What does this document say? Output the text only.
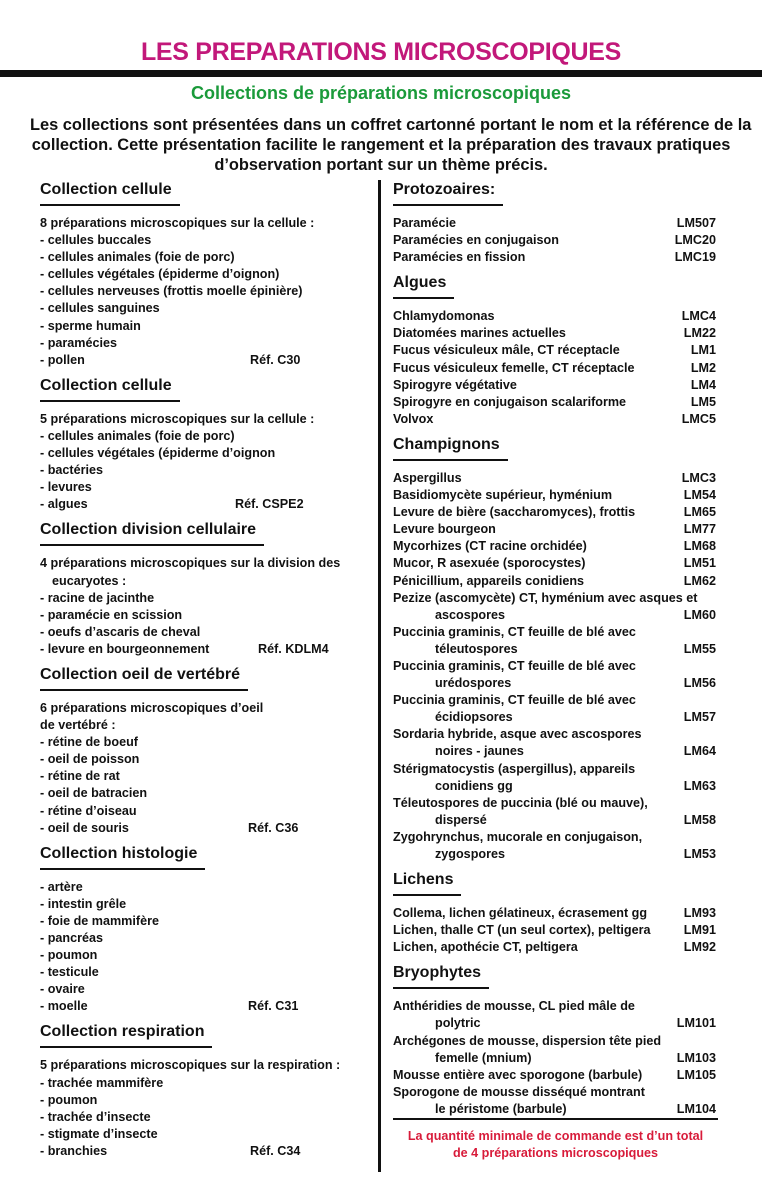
LES PREPARATIONS MICROSCOPIQUES
Collections de préparations microscopiques
Les collections sont présentées dans un coffret cartonné portant le nom et la référence de la
collection. Cette présentation facilite le rangement et la préparation des travaux pratiques
d’observation portant sur un thème précis.
Collection cellule
8 préparations microscopiques sur la cellule :
- cellules buccales
- cellules animales (foie de porc)
- cellules végétales (épiderme d’oignon)
- cellules nerveuses (frottis moelle épinière)
- cellules sanguines
- sperme humain
- paramécies
- pollen	Réf. C30
Collection cellule
5 préparations microscopiques sur la cellule :
- cellules animales (foie de porc)
- cellules végétales (épiderme d’oignon
- bactéries
- levures
- algues	Réf. CSPE2
Collection division cellulaire
4 préparations microscopiques sur la division des
eucaryotes :
- racine de jacinthe
- paramécie en scission
- oeufs d’ascaris de cheval
- levure en bourgeonnement	Réf. KDLM4
Collection oeil de vertébré
6 préparations microscopiques d’oeil
de vertébré :
- rétine de boeuf
- oeil de poisson
- rétine de rat
- oeil de batracien
- rétine d’oiseau
- oeil de souris	Réf. C36
Collection histologie
- artère
- intestin grêle
- foie de mammifère
- pancréas
- poumon
- testicule
- ovaire
- moelle	Réf. C31
Collection respiration
5 préparations microscopiques sur la respiration :
- trachée mammifère
- poumon
- trachée d’insecte
- stigmate d’insecte
- branchies	Réf. C34
Protozoaires:
Paramécie	LM507
Paramécies en conjugaison	LMC20
Paramécies en fission	LMC19
Algues
Chlamydomonas	LMC4
Diatomées marines actuelles	LM22
Fucus vésiculeux mâle, CT réceptacle	LM1
Fucus vésiculeux femelle, CT réceptacle	LM2
Spirogyre végétative	LM4
Spirogyre en conjugaison scalariforme	LM5
Volvox	LMC5
Champignons
Aspergillus	LMC3
Basidiomycète supérieur, hyménium	LM54
Levure de bière (saccharomyces), frottis	LM65
Levure bourgeon	LM77
Mycorhizes (CT racine orchidée)	LM68
Mucor, R asexuée (sporocystes)	LM51
Pénicillium, appareils conidiens	LM62
Pezize (ascomycète) CT, hyménium avec asques et
ascospores	LM60
Puccinia graminis, CT feuille de blé avec
téleutospores	LM55
Puccinia graminis, CT feuille de blé avec
urédospores	LM56
Puccinia graminis, CT feuille de blé avec
écidiopsores	LM57
Sordaria hybride, asque avec ascospores
noires - jaunes	LM64
Stérigmatocystis (aspergillus), appareils
conidiens gg	LM63
Téleutospores de puccinia (blé ou mauve),
dispersé	LM58
Zygohrynchus, mucorale en conjugaison,
zygospores	LM53
Lichens
Collema, lichen gélatineux, écrasement gg	LM93
Lichen, thalle CT (un seul cortex), peltigera	LM91
Lichen, apothécie CT, peltigera	LM92
Bryophytes
Anthéridies de mousse, CL pied mâle de
polytric	LM101
Archégones de mousse, dispersion tête pied
femelle (mnium)	LM103
Mousse entière avec sporogone (barbule)	LM105
Sporogone de mousse disséqué montrant
le péristome (barbule)	LM104
La quantité minimale de commande est d’un total
de 4 préparations microscopiques
